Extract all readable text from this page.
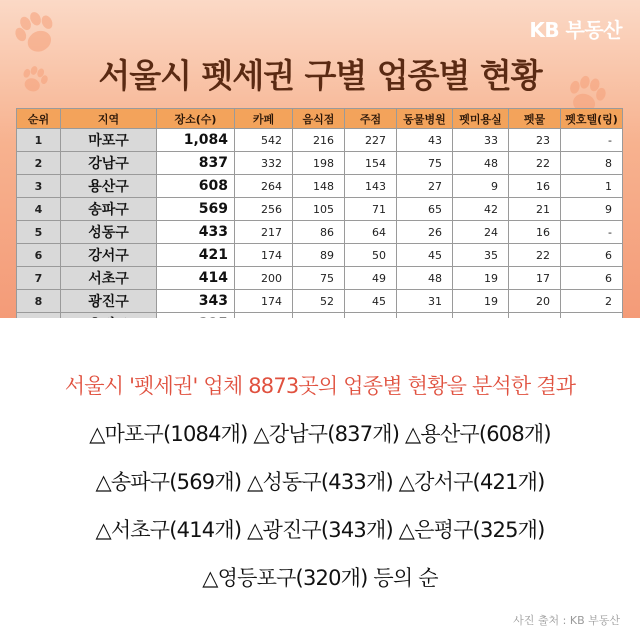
KB 부동산
서울시 펫세권 구별 업종별 현황
순위	지역	장소(수)	카페	음식점	주점	동물병원	펫미용실	펫물	펫호텔(링)
1	마포구	1,084	542	216	227	43	33	23	-
2	강남구	837	332	198	154	75	48	22	8
3	용산구	608	264	148	143	27	9	16	1
4	송파구	569	256	105	71	65	42	21	9
5	성동구	433	217	86	64	26	24	16	-
6	강서구	421	174	89	50	45	35	22	6
7	서초구	414	200	75	49	48	19	17	6
8	광진구	343	174	52	45	31	19	20	2

서울시 '펫세권' 업체 8873곳의 업종별 현황을 분석한 결과
△마포구(1084개) △강남구(837개) △용산구(608개)
△송파구(569개) △성동구(433개) △강서구(421개)
△서초구(414개) △광진구(343개) △은평구(325개)
△영등포구(320개) 등의 순
사진 출처 : KB 부동산
